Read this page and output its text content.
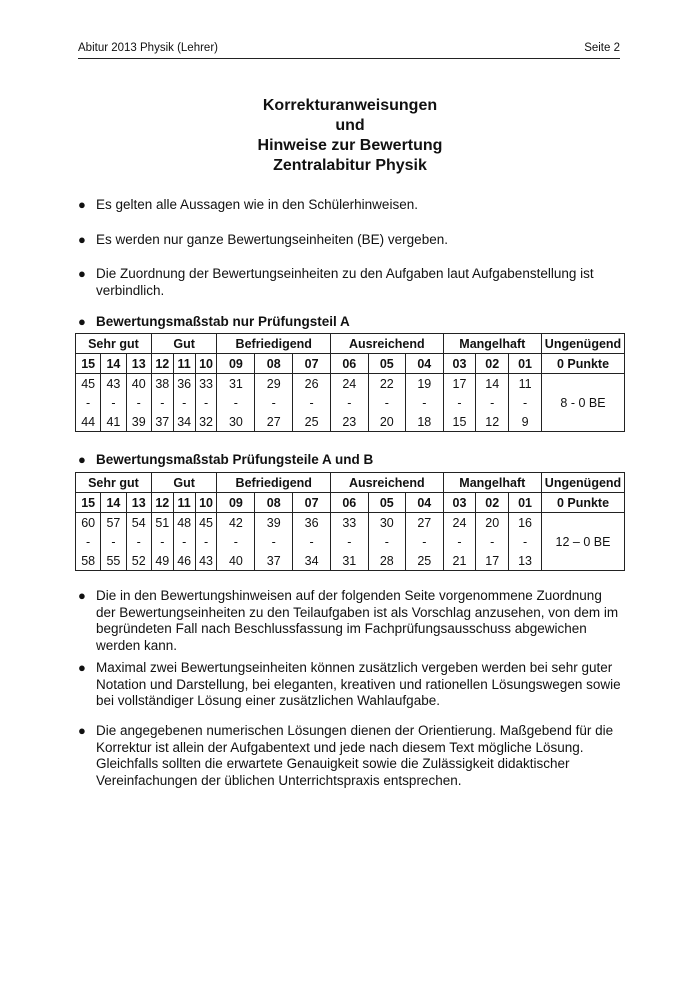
Abitur 2013 Physik (Lehrer)	Seite 2
Korrekturanweisungen
und
Hinweise zur Bewertung
Zentralabitur Physik
● Es gelten alle Aussagen wie in den Schülerhinweisen.
● Es werden nur ganze Bewertungseinheiten (BE) vergeben.
● Die Zuordnung der Bewertungseinheiten zu den Aufgaben laut Aufgabenstellung ist verbindlich.
● Bewertungsmaßstab nur Prüfungsteil A
Sehr gut			Gut			Befriedigend			Ausreichend			Mangelhaft			Ungenügend
15	14	13	12	11	10	09	08	07	06	05	04	03	02	01	0 Punkte
45	43	40	38	36	33	31	29	26	24	22	19	17	14	11	8 - 0 BE
-	-	-	-	-	-	-	-	-	-	-	-	-	-	-	
44	41	39	37	34	32	30	27	25	23	20	18	15	12	9	
● Bewertungsmaßstab Prüfungsteile A und B
Sehr gut			Gut			Befriedigend			Ausreichend			Mangelhaft			Ungenügend
15	14	13	12	11	10	09	08	07	06	05	04	03	02	01	0 Punkte
60	57	54	51	48	45	42	39	36	33	30	27	24	20	16	12 – 0 BE
-	-	-	-	-	-	-	-	-	-	-	-	-	-	-	
58	55	52	49	46	43	40	37	34	31	28	25	21	17	13	
● Die in den Bewertungshinweisen auf der folgenden Seite vorgenommene Zuordnung der Bewertungseinheiten zu den Teilaufgaben ist als Vorschlag anzusehen, von dem im begründeten Fall nach Beschlussfassung im Fachprüfungsausschuss abgewichen werden kann.
● Maximal zwei Bewertungseinheiten können zusätzlich vergeben werden bei sehr guter Notation und Darstellung, bei eleganten, kreativen und rationellen Lösungswegen sowie bei vollständiger Lösung einer zusätzlichen Wahlaufgabe.
● Die angegebenen numerischen Lösungen dienen der Orientierung. Maßgebend für die Korrektur ist allein der Aufgabentext und jede nach diesem Text mögliche Lösung. Gleichfalls sollten die erwartete Genauigkeit sowie die Zulässigkeit didaktischer Vereinfachungen der üblichen Unterrichtspraxis entsprechen.
